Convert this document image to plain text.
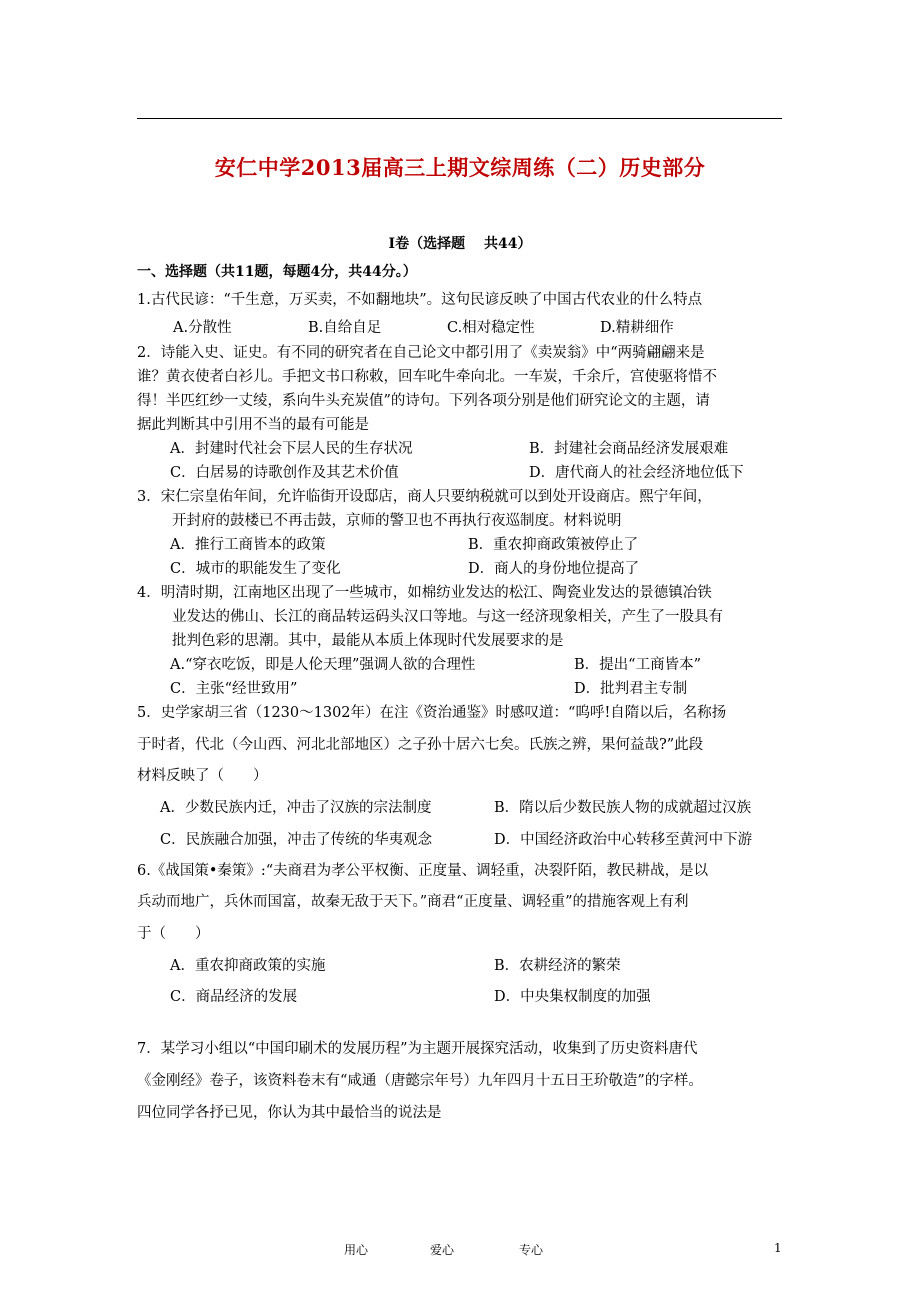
安仁中学2013届高三上期文综周练（二）历史部分
Ⅰ卷（选择题　 共44）
一、选择题（共11题，每题4分，共44分。）
1.古代民谚：“千生意，万买卖，不如翻地块”。这句民谚反映了中国古代农业的什么特点
A.分散性	B.自给自足	C.相对稳定性	D.精耕细作
2．诗能入史、证史。有不同的研究者在自己论文中都引用了《卖炭翁》中“两骑翩翩来是
谁？黄衣使者白衫儿。手把文书口称敕，回车叱牛牵向北。一车炭，千余斤，宫使驱将惜不
得！半匹红纱一丈绫，系向牛头充炭值”的诗句。下列各项分别是他们研究论文的主题，请
据此判断其中引用不当的最有可能是
A．封建时代社会下层人民的生存状况	B．封建社会商品经济发展艰难
C．白居易的诗歌创作及其艺术价值	D．唐代商人的社会经济地位低下
3．宋仁宗皇佑年间，允许临街开设邸店，商人只要纳税就可以到处开设商店。熙宁年间，
开封府的鼓楼已不再击鼓，京师的警卫也不再执行夜巡制度。材料说明
A．推行工商皆本的政策	B．重农抑商政策被停止了
C．城市的职能发生了变化	D．商人的身份地位提高了
4．明清时期，江南地区出现了一些城市，如棉纺业发达的松江、陶瓷业发达的景德镇冶铁
业发达的佛山、长江的商品转运码头汉口等地。与这一经济现象相关，产生了一股具有
批判色彩的思潮。其中，最能从本质上体现时代发展要求的是
A.“穿衣吃饭，即是人伦天理”强调人欲的合理性	B．提出“工商皆本”
C．主张“经世致用”	D．批判君主专制
5．史学家胡三省（1230～1302年）在注《资治通鉴》时感叹道：“呜呼!自隋以后，名称扬
于时者，代北（今山西、河北北部地区）之子孙十居六七矣。氏族之辨，果何益哉?”此段
材料反映了（　　）
A．少数民族内迁，冲击了汉族的宗法制度	B．隋以后少数民族人物的成就超过汉族
C．民族融合加强，冲击了传统的华夷观念	D．中国经济政治中心转移至黄河中下游
6.《战国策•秦策》:“夫商君为孝公平权衡、正度量、调轻重，决裂阡陌，教民耕战，是以
兵动而地广，兵休而国富，故秦无敌于天下。”商君“正度量、调轻重”的措施客观上有利
于（　　）
A．重农抑商政策的实施	B．农耕经济的繁荣
C．商品经济的发展	D．中央集权制度的加强
7．某学习小组以“中国印刷术的发展历程”为主题开展探究活动，收集到了历史资料唐代
《金刚经》卷子，该资料卷末有“咸通（唐懿宗年号）九年四月十五日王玠敬造”的字样。
四位同学各抒已见，你认为其中最恰当的说法是
用心	爱心	专心	1
